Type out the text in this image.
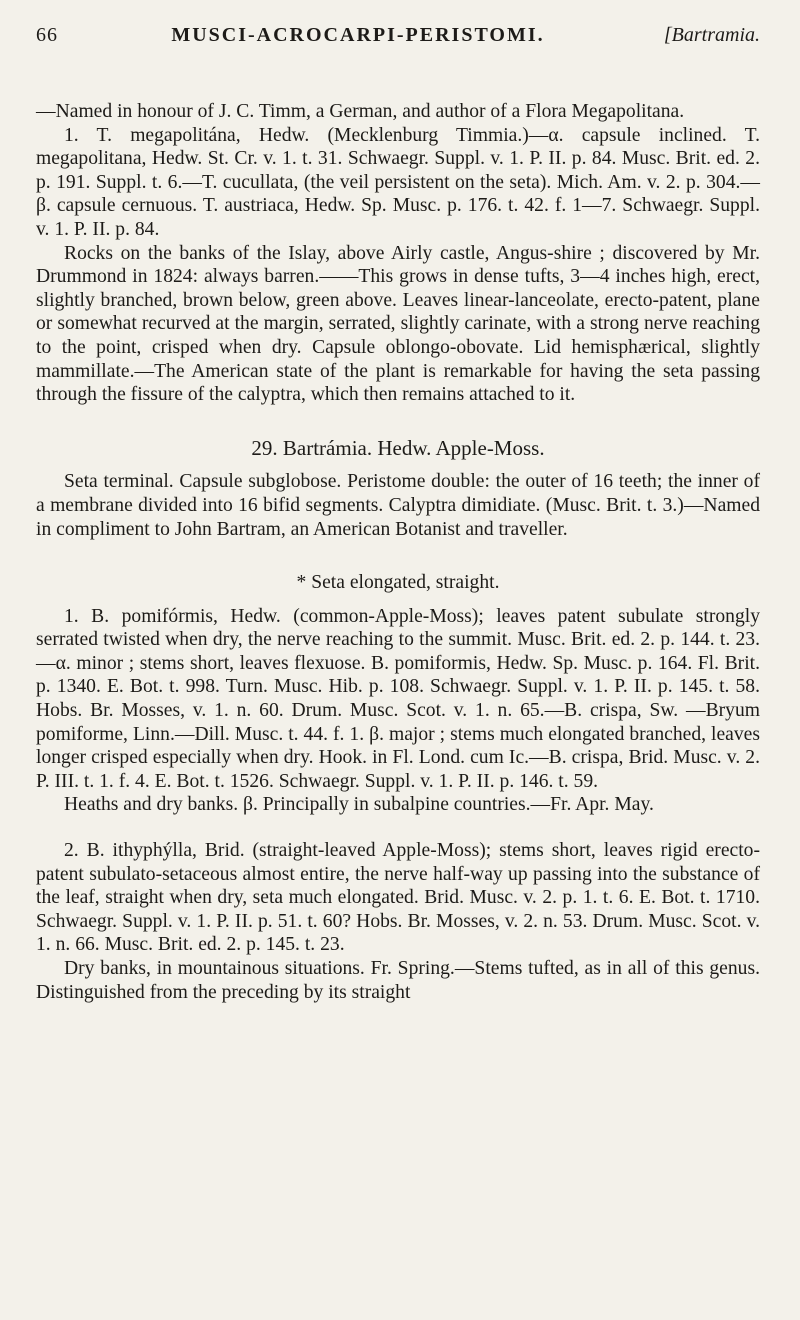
66	MUSCI-ACROCARPI-PERISTOMI.	[Bartramia.

—Named in honour of J. C. Timm, a German, and author of a Flora Megapolitana.

1. T. megapolitána, Hedw. (Mecklenburg Timmia.)—α. capsule inclined. T. megapolitana, Hedw. St. Cr. v. 1. t. 31. Schwaegr. Suppl. v. 1. P. II. p. 84. Musc. Brit. ed. 2. p. 191. Suppl. t. 6.—T. cucullata, (the veil persistent on the seta). Mich. Am. v. 2. p. 304.—β. capsule cernuous. T. austriaca, Hedw. Sp. Musc. p. 176. t. 42. f. 1—7. Schwaegr. Suppl. v. 1. P. II. p. 84.

Rocks on the banks of the Islay, above Airly castle, Angus-shire ; discovered by Mr. Drummond in 1824: always barren.——This grows in dense tufts, 3—4 inches high, erect, slightly branched, brown below, green above. Leaves linear-lanceolate, erecto-patent, plane or somewhat recurved at the margin, serrated, slightly carinate, with a strong nerve reaching to the point, crisped when dry. Capsule oblongo-obovate. Lid hemisphærical, slightly mammillate.—The American state of the plant is remarkable for having the seta passing through the fissure of the calyptra, which then remains attached to it.

29. Bartrámia. Hedw. Apple-Moss.

Seta terminal. Capsule subglobose. Peristome double: the outer of 16 teeth; the inner of a membrane divided into 16 bifid segments. Calyptra dimidiate. (Musc. Brit. t. 3.)—Named in compliment to John Bartram, an American Botanist and traveller.

* Seta elongated, straight.

1. B. pomifórmis, Hedw. (common-Apple-Moss); leaves patent subulate strongly serrated twisted when dry, the nerve reaching to the summit. Musc. Brit. ed. 2. p. 144. t. 23.—α. minor ; stems short, leaves flexuose. B. pomiformis, Hedw. Sp. Musc. p. 164. Fl. Brit. p. 1340. E. Bot. t. 998. Turn. Musc. Hib. p. 108. Schwaegr. Suppl. v. 1. P. II. p. 145. t. 58. Hobs. Br. Mosses, v. 1. n. 60. Drum. Musc. Scot. v. 1. n. 65.—B. crispa, Sw. —Bryum pomiforme, Linn.—Dill. Musc. t. 44. f. 1. β. major ; stems much elongated branched, leaves longer crisped especially when dry. Hook. in Fl. Lond. cum Ic.—B. crispa, Brid. Musc. v. 2. P. III. t. 1. f. 4. E. Bot. t. 1526. Schwaegr. Suppl. v. 1. P. II. p. 146. t. 59.

Heaths and dry banks. β. Principally in subalpine countries.—Fr. Apr. May.

2. B. ithyphýlla, Brid. (straight-leaved Apple-Moss); stems short, leaves rigid erecto-patent subulato-setaceous almost entire, the nerve half-way up passing into the substance of the leaf, straight when dry, seta much elongated. Brid. Musc. v. 2. p. 1. t. 6. E. Bot. t. 1710. Schwaegr. Suppl. v. 1. P. II. p. 51. t. 60? Hobs. Br. Mosses, v. 2. n. 53. Drum. Musc. Scot. v. 1. n. 66. Musc. Brit. ed. 2. p. 145. t. 23.

Dry banks, in mountainous situations. Fr. Spring.—Stems tufted, as in all of this genus. Distinguished from the preceding by its straight
